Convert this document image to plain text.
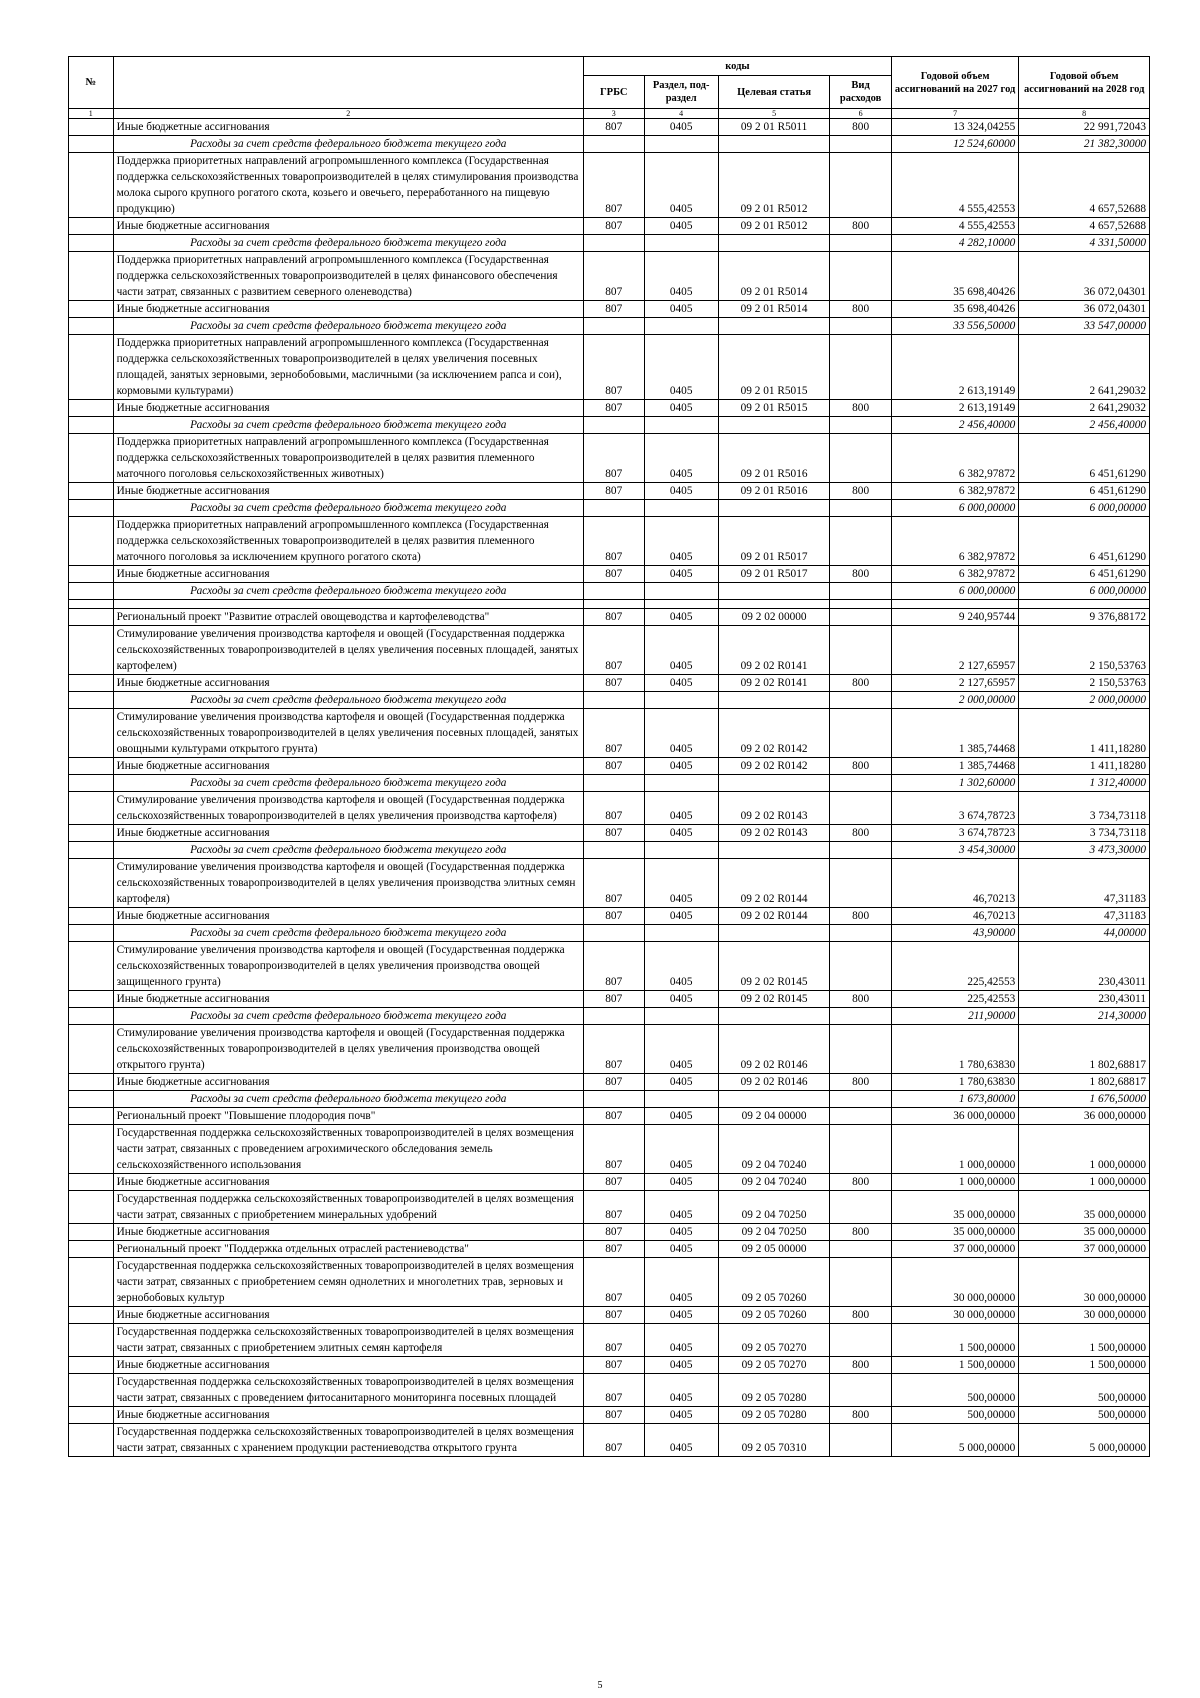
№		коды				Годовой объем ассигнований на 2027 год	Годовой объем ассигнований на 2028 год
		ГРБС	Раздел, под-раздел	Целевая статья	Вид расходов		
1	2	3	4	5	6	7	8
	Иные бюджетные ассигнования	807	0405	09 2 01 R5011	800	13 324,04255	22 991,72043
	Расходы за счет средств федерального бюджета текущего года					12 524,60000	21 382,30000
	Поддержка приоритетных направлений агропромышленного комплекса (Государственная поддержка сельскохозяйственных товаропроизводителей в целях стимулирования производства молока сырого крупного рогатого скота, козьего и овечьего, переработанного на пищевую продукцию)	807	0405	09 2 01 R5012		4 555,42553	4 657,52688
	Иные бюджетные ассигнования	807	0405	09 2 01 R5012	800	4 555,42553	4 657,52688
	Расходы за счет средств федерального бюджета текущего года					4 282,10000	4 331,50000
	Поддержка приоритетных направлений агропромышленного комплекса (Государственная поддержка сельскохозяйственных товаропроизводителей в целях финансового обеспечения части затрат, связанных с развитием северного оленеводства)	807	0405	09 2 01 R5014		35 698,40426	36 072,04301
	Иные бюджетные ассигнования	807	0405	09 2 01 R5014	800	35 698,40426	36 072,04301
	Расходы за счет средств федерального бюджета текущего года					33 556,50000	33 547,00000
	Поддержка приоритетных направлений агропромышленного комплекса (Государственная поддержка сельскохозяйственных товаропроизводителей в целях увеличения посевных площадей, занятых зерновыми, зернобобовыми, масличными (за исключением рапса и сои), кормовыми культурами)	807	0405	09 2 01 R5015		2 613,19149	2 641,29032
	Иные бюджетные ассигнования	807	0405	09 2 01 R5015	800	2 613,19149	2 641,29032
	Расходы за счет средств федерального бюджета текущего года					2 456,40000	2 456,40000
	Поддержка приоритетных направлений агропромышленного комплекса (Государственная поддержка сельскохозяйственных товаропроизводителей в целях развития племенного маточного поголовья сельскохозяйственных животных)	807	0405	09 2 01 R5016		6 382,97872	6 451,61290
	Иные бюджетные ассигнования	807	0405	09 2 01 R5016	800	6 382,97872	6 451,61290
	Расходы за счет средств федерального бюджета текущего года					6 000,00000	6 000,00000
	Поддержка приоритетных направлений агропромышленного комплекса (Государственная поддержка сельскохозяйственных товаропроизводителей в целях развития племенного маточного поголовья за исключением крупного рогатого скота)	807	0405	09 2 01 R5017		6 382,97872	6 451,61290
	Иные бюджетные ассигнования	807	0405	09 2 01 R5017	800	6 382,97872	6 451,61290
	Расходы за счет средств федерального бюджета текущего года					6 000,00000	6 000,00000

	Региональный проект "Развитие отраслей овощеводства и картофелеводства"	807	0405	09 2 02 00000		9 240,95744	9 376,88172
	Стимулирование увеличения производства картофеля и овощей (Государственная поддержка сельскохозяйственных товаропроизводителей в целях увеличения посевных площадей, занятых картофелем)	807	0405	09 2 02 R0141		2 127,65957	2 150,53763
	Иные бюджетные ассигнования	807	0405	09 2 02 R0141	800	2 127,65957	2 150,53763
	Расходы за счет средств федерального бюджета текущего года					2 000,00000	2 000,00000
	Стимулирование увеличения производства картофеля и овощей (Государственная поддержка сельскохозяйственных товаропроизводителей в целях увеличения посевных площадей, занятых овощными культурами открытого грунта)	807	0405	09 2 02 R0142		1 385,74468	1 411,18280
	Иные бюджетные ассигнования	807	0405	09 2 02 R0142	800	1 385,74468	1 411,18280
	Расходы за счет средств федерального бюджета текущего года					1 302,60000	1 312,40000
	Стимулирование увеличения производства картофеля и овощей (Государственная поддержка сельскохозяйственных товаропроизводителей в целях увеличения производства картофеля)	807	0405	09 2 02 R0143		3 674,78723	3 734,73118
	Иные бюджетные ассигнования	807	0405	09 2 02 R0143	800	3 674,78723	3 734,73118
	Расходы за счет средств федерального бюджета текущего года					3 454,30000	3 473,30000
	Стимулирование увеличения производства картофеля и овощей (Государственная поддержка сельскохозяйственных товаропроизводителей в целях увеличения производства элитных семян картофеля)	807	0405	09 2 02 R0144		46,70213	47,31183
	Иные бюджетные ассигнования	807	0405	09 2 02 R0144	800	46,70213	47,31183
	Расходы за счет средств федерального бюджета текущего года					43,90000	44,00000
	Стимулирование увеличения производства картофеля и овощей (Государственная поддержка сельскохозяйственных товаропроизводителей в целях увеличения производства овощей защищенного грунта)	807	0405	09 2 02 R0145		225,42553	230,43011
	Иные бюджетные ассигнования	807	0405	09 2 02 R0145	800	225,42553	230,43011
	Расходы за счет средств федерального бюджета текущего года					211,90000	214,30000
	Стимулирование увеличения производства картофеля и овощей (Государственная поддержка сельскохозяйственных товаропроизводителей в целях увеличения производства овощей открытого грунта)	807	0405	09 2 02 R0146		1 780,63830	1 802,68817
	Иные бюджетные ассигнования	807	0405	09 2 02 R0146	800	1 780,63830	1 802,68817
	Расходы за счет средств федерального бюджета текущего года					1 673,80000	1 676,50000
	Региональный проект "Повышение плодородия почв"	807	0405	09 2 04 00000		36 000,00000	36 000,00000
	Государственная поддержка сельскохозяйственных товаропроизводителей в целях возмещения части затрат, связанных с проведением агрохимического обследования земель сельскохозяйственного использования	807	0405	09 2 04 70240		1 000,00000	1 000,00000
	Иные бюджетные ассигнования	807	0405	09 2 04 70240	800	1 000,00000	1 000,00000
	Государственная поддержка сельскохозяйственных товаропроизводителей в целях возмещения части затрат, связанных с приобретением минеральных удобрений	807	0405	09 2 04 70250		35 000,00000	35 000,00000
	Иные бюджетные ассигнования	807	0405	09 2 04 70250	800	35 000,00000	35 000,00000
	Региональный проект "Поддержка отдельных отраслей растениеводства"	807	0405	09 2 05 00000		37 000,00000	37 000,00000
	Государственная поддержка сельскохозяйственных товаропроизводителей в целях возмещения части затрат, связанных с приобретением семян однолетних и многолетних трав, зерновых и зернобобовых культур	807	0405	09 2 05 70260		30 000,00000	30 000,00000
	Иные бюджетные ассигнования	807	0405	09 2 05 70260	800	30 000,00000	30 000,00000
	Государственная поддержка сельскохозяйственных товаропроизводителей в целях возмещения части затрат, связанных с приобретением элитных семян картофеля	807	0405	09 2 05 70270		1 500,00000	1 500,00000
	Иные бюджетные ассигнования	807	0405	09 2 05 70270	800	1 500,00000	1 500,00000
	Государственная поддержка сельскохозяйственных товаропроизводителей в целях возмещения части затрат, связанных с проведением фитосанитарного мониторинга посевных площадей	807	0405	09 2 05 70280		500,00000	500,00000
	Иные бюджетные ассигнования	807	0405	09 2 05 70280	800	500,00000	500,00000
	Государственная поддержка сельскохозяйственных товаропроизводителей в целях возмещения части затрат, связанных с хранением продукции растениеводства открытого грунта	807	0405	09 2 05 70310		5 000,00000	5 000,00000
5
